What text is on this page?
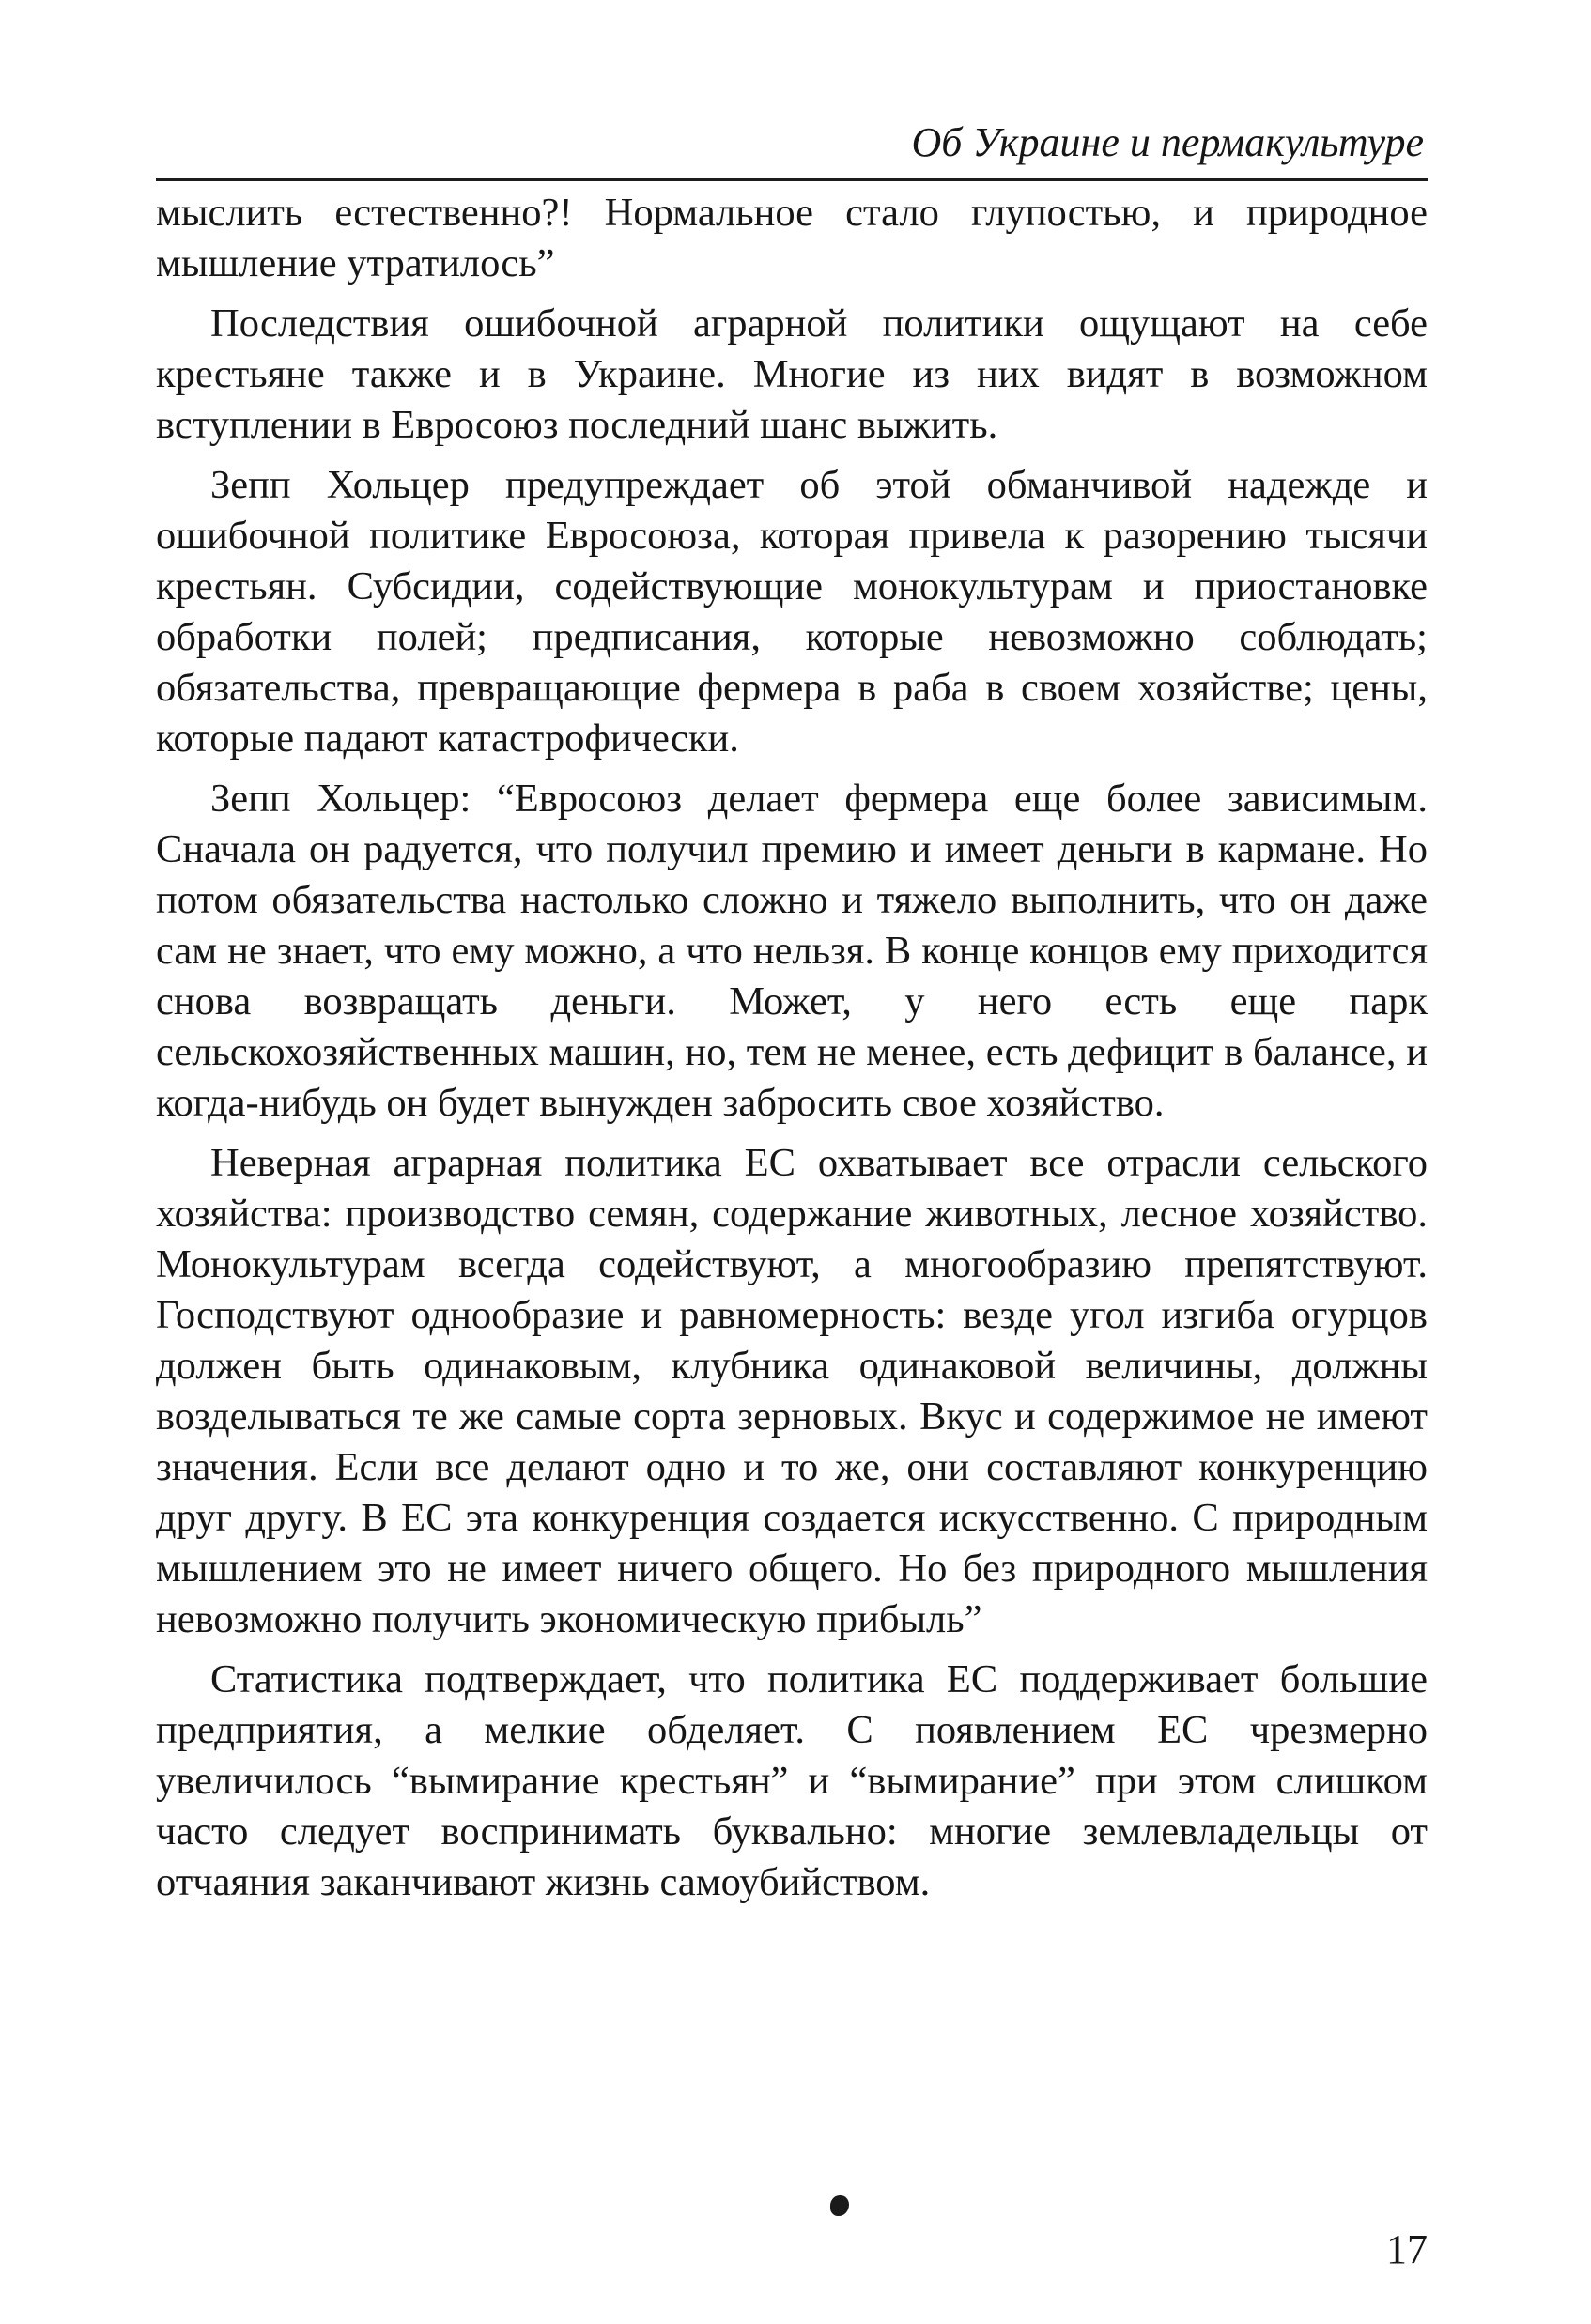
Об Украине и пермакультуре

мыслить естественно?! Нормальное стало глупостью, и природное мышление утратилось”

Последствия ошибочной аграрной политики ощущают на себе крестьяне также и в Украине. Многие из них видят в возможном вступлении в Евросоюз последний шанс выжить.

Зепп Хольцер предупреждает об этой обманчивой надежде и ошибочной политике Евросоюза, которая привела к разорению тысячи крестьян. Субсидии, содействующие монокультурам и приостановке обработки полей; предписания, которые невозможно соблюдать; обязательства, превращающие фермера в раба в своем хозяйстве; цены, которые падают катастрофически.

Зепп Хольцер: “Евросоюз делает фермера еще более зависимым. Сначала он радуется, что получил премию и имеет деньги в кармане. Но потом обязательства настолько сложно и тяжело выполнить, что он даже сам не знает, что ему можно, а что нельзя. В конце концов ему приходится снова возвращать деньги. Может, у него есть еще парк сельскохозяйственных машин, но, тем не менее, есть дефицит в балансе, и когда-нибудь он будет вынужден забросить свое хозяйство.

Неверная аграрная политика ЕС охватывает все отрасли сельского хозяйства: производство семян, содержание животных, лесное хозяйство. Монокультурам всегда содействуют, а многообразию препятствуют. Господствуют однообразие и равномерность: везде угол изгиба огурцов должен быть одинаковым, клубника одинаковой величины, должны возделываться те же самые сорта зерновых. Вкус и содержимое не имеют значения. Если все делают одно и то же, они составляют конкуренцию друг другу. В ЕС эта конкуренция создается искусственно. С природным мышлением это не имеет ничего общего. Но без природного мышления невозможно получить экономическую прибыль”

Статистика подтверждает, что политика ЕС поддерживает большие предприятия, а мелкие обделяет. С появлением ЕС чрезмерно увеличилось “вымирание крестьян” и “вымирание” при этом слишком часто следует воспринимать буквально: многие землевладельцы от отчаяния заканчивают жизнь самоубийством.

17
